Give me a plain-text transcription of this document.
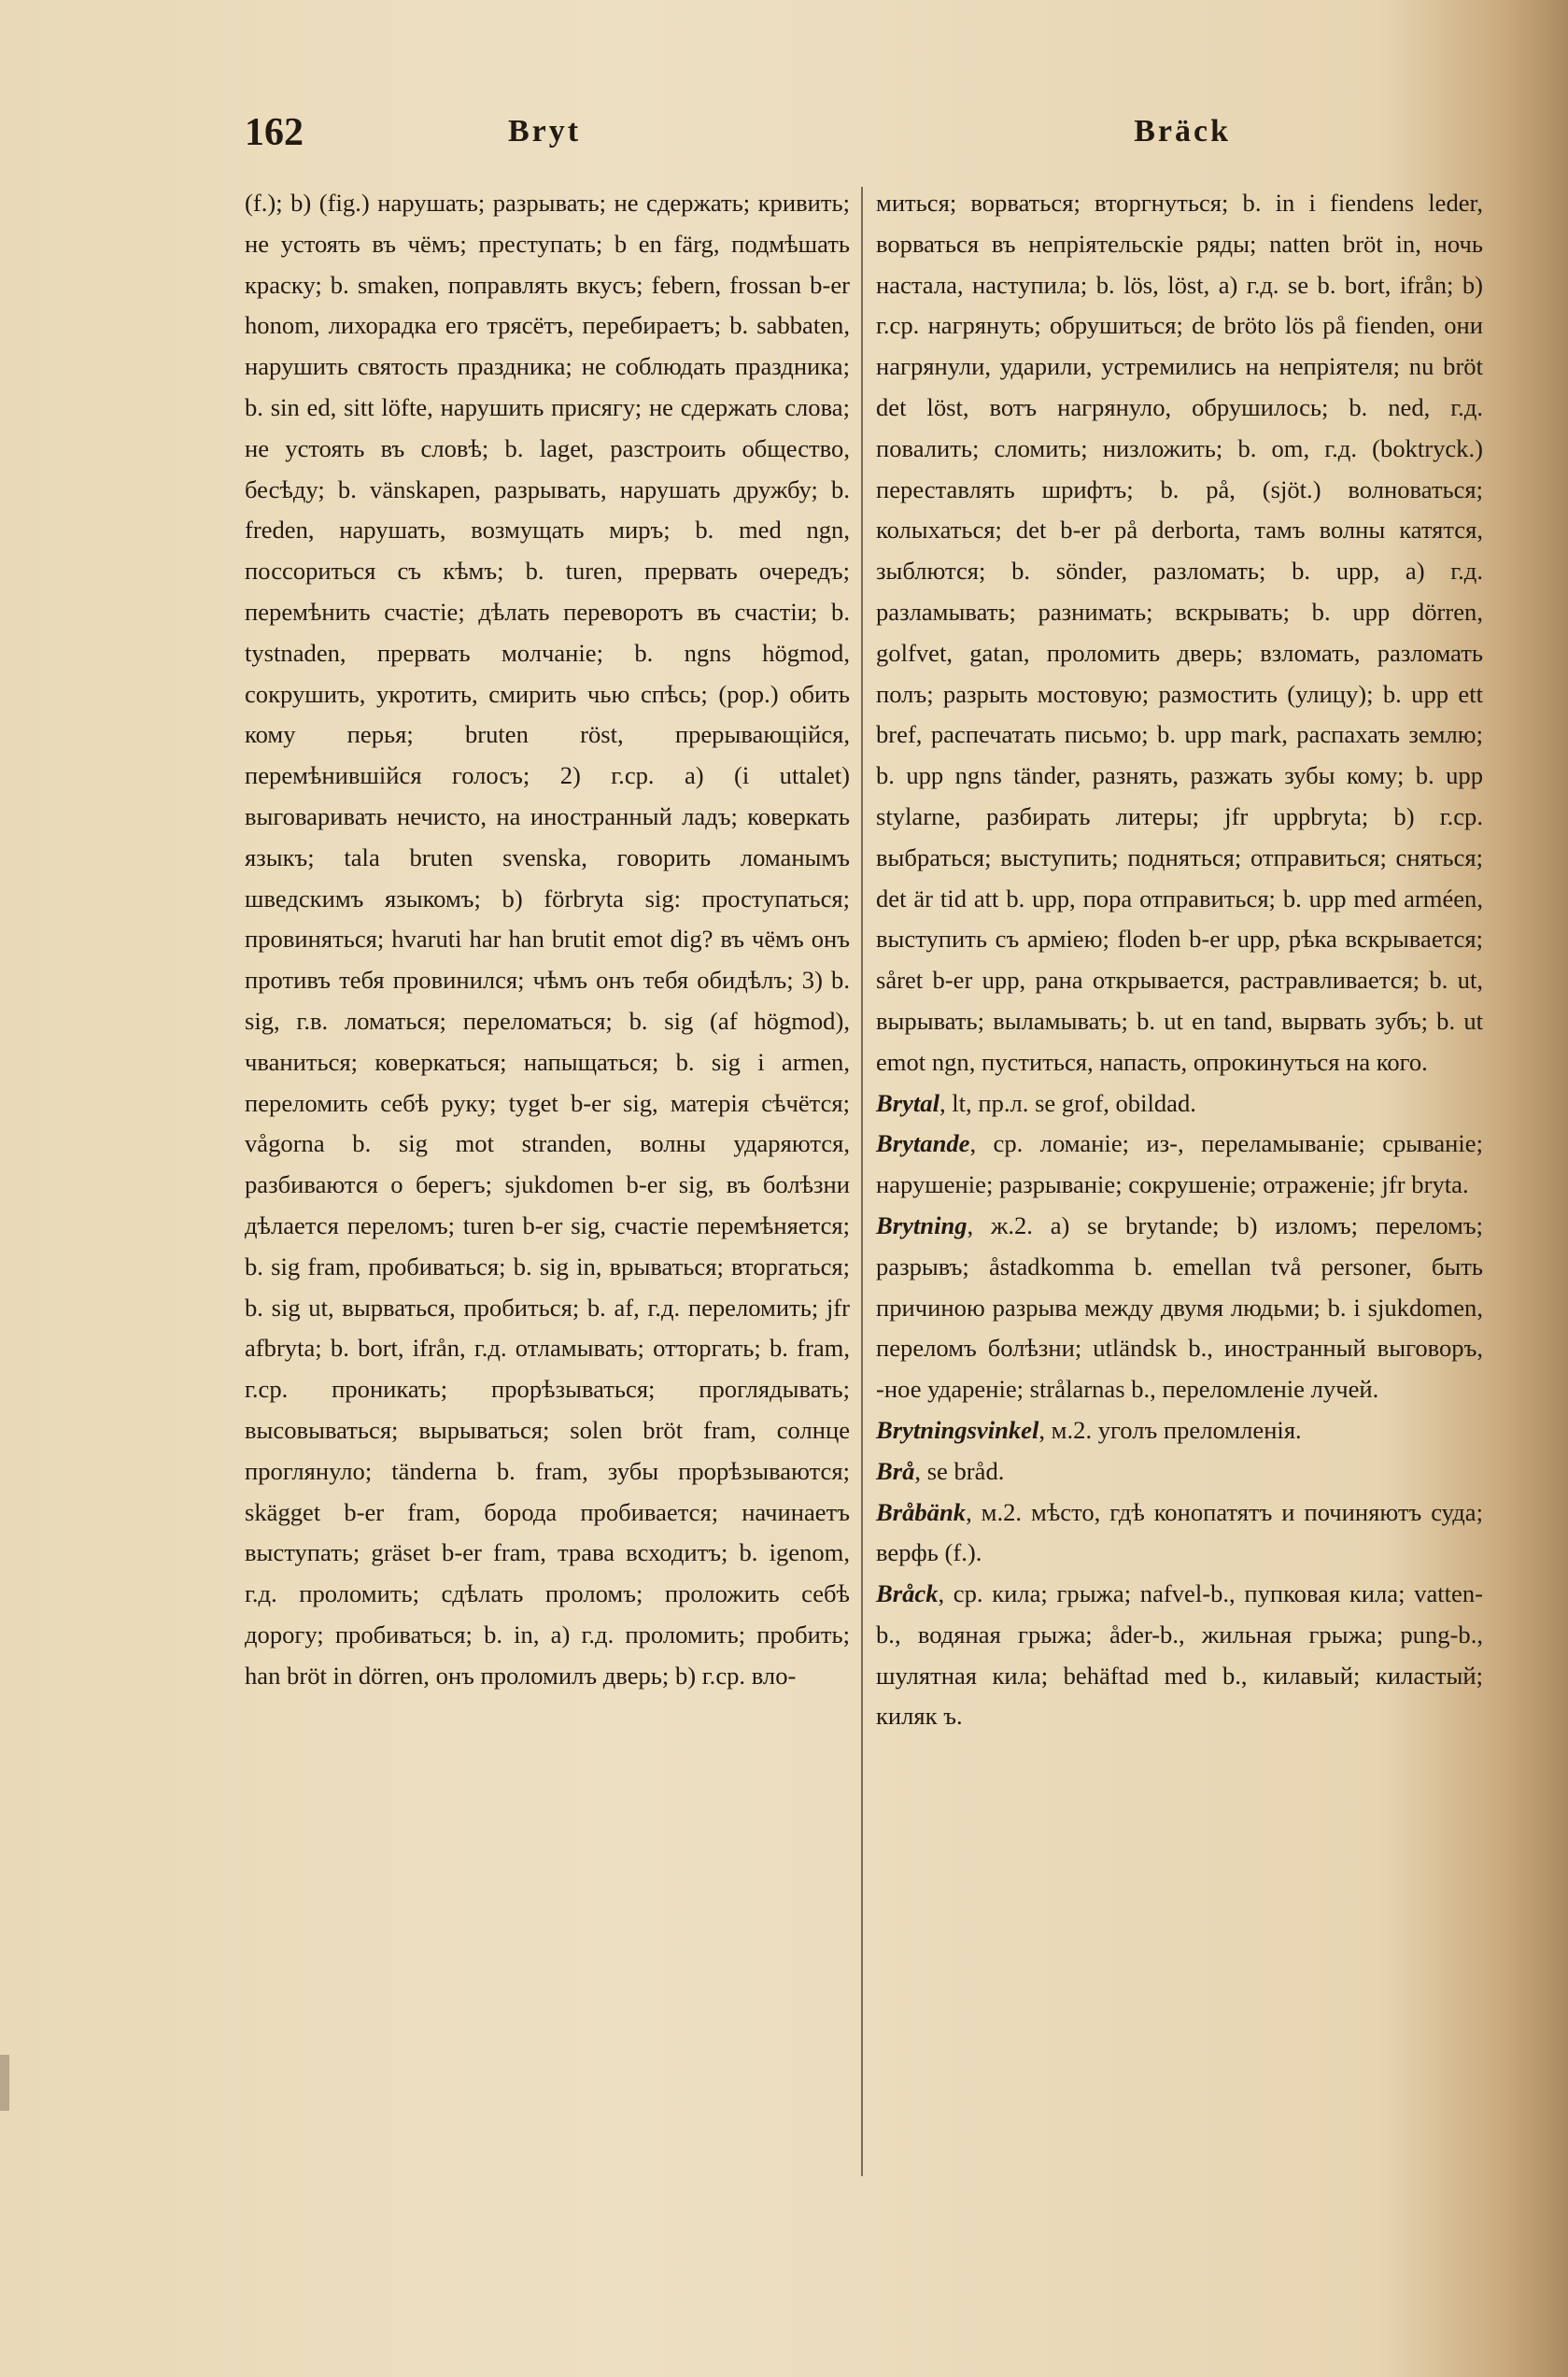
162	Bryt	Bräck

(f.); b) (fig.) нарушать; разрывать; не сдержать; кривить; не устоять въ чёмъ; преступать; b en färg, подмѣшать краску; b. smaken, поправлять вкусъ; febern, frossan b-er honom, лихорадка его трясётъ, перебираетъ; b. sabbaten, нарушить святость праздника; не соблюдать праздника; b. sin ed, sitt löfte, нарушить присягу; не сдержать слова; не устоять въ словѣ; b. laget, разстроить общество, бесѣду; b. vänskapen, разрывать, нарушать дружбу; b. freden, нарушать, возмущать миръ; b. med ngn, поссориться съ кѣмъ; b. turen, прервать очередъ; перемѣнить счастіе; дѣлать переворотъ въ счастіи; b. tystnaden, прервать молчаніе; b. ngns högmod, сокрушить, укротить, смирить чью спѣсь; (pop.) обить кому перья; bruten röst, прерывающійся, перемѣнившійся голосъ; 2) г.ср. a) (i uttalet) выговаривать нечисто, на иностранный ладъ; коверкать языкъ; tala bruten svenska, говорить ломанымъ шведскимъ языкомъ; b) förbryta sig: проступаться; провиняться; hvaruti har han brutit emot dig? въ чёмъ онъ противъ тебя провинился; чѣмъ онъ тебя обидѣлъ; 3) b. sig, г.в. ломаться; переломаться; b. sig (af högmod), чваниться; коверкаться; напыщаться; b. sig i armen, переломить себѣ руку; tyget b-er sig, матерія сѣчётся; vågorna b. sig mot stranden, волны ударяются, разбиваются о берегъ; sjukdomen b-er sig, въ болѣзни дѣлается переломъ; turen b-er sig, счастіе перемѣняется; b. sig fram, пробиваться; b. sig in, врываться; вторгаться; b. sig ut, вырваться, пробиться; b. af, г.д. переломить; jfr afbryta; b. bort, ifrån, г.д. отламывать; отторгать; b. fram, г.ср. проникать; прорѣзываться; проглядывать; высовываться; вырываться; solen bröt fram, солнце проглянуло; tänderna b. fram, зубы прорѣзываются; skägget b-er fram, борода пробивается; начинаетъ выступать; gräset b-er fram, трава всходитъ; b. igenom, г.д. проломить; сдѣлать проломъ; проложить себѣ дорогу; пробиваться; b. in, a) г.д. проломить; пробить; han bröt in dörren, онъ проломилъ дверь; b) г.ср. вло-

миться; ворваться; вторгнуться; b. in i fiendens leder, ворваться въ непріятельскіе ряды; natten bröt in, ночь настала, наступила; b. lös, löst, a) г.д. se b. bort, ifrån; b) г.ср. нагрянуть; обрушиться; de bröto lös på fienden, они нагрянули, ударили, устремились на непріятеля; nu bröt det löst, вотъ нагрянуло, обрушилось; b. ned, г.д. повалить; сломить; низложить; b. om, г.д. (boktryck.) переставлять шрифтъ; b. på, (sjöt.) волноваться; колыхаться; det b-er på derborta, тамъ волны катятся, зыблются; b. sönder, разломать; b. upp, a) г.д. разламывать; разнимать; вскрывать; b. upp dörren, golfvet, gatan, проломить дверь; взломать, разломать полъ; разрыть мостовую; размостить (улицу); b. upp ett bref, распечатать письмо; b. upp mark, распахать землю; b. upp ngns tänder, разнять, разжать зубы кому; b. upp stylarne, разбирать литеры; jfr uppbryta; b) г.ср. выбраться; выступить; подняться; отправиться; сняться; det är tid att b. upp, пора отправиться; b. upp med arméen, выступить съ арміею; floden b-er upp, рѣка вскрывается; såret b-er upp, рана открывается, растравливается; b. ut, вырывать; выламывать; b. ut en tand, вырвать зубъ; b. ut emot ngn, пуститься, напасть, опрокинуться на кого.

Brytal, lt, пр.л. se grof, obildad.

Brytande, ср. ломаніе; из-, переламываніе; срываніе; нарушеніе; разрываніе; сокрушеніе; отраженіе; jfr bryta.

Brytning, ж.2. a) se brytande; b) изломъ; переломъ; разрывъ; åstadkomma b. emellan två personer, быть причиною разрыва между двумя людьми; b. i sjukdomen, переломъ болѣзни; utländsk b., иностранный выговоръ, -ное удареніе; strålarnas b., переломленіе лучей.

Brytningsvinkel, м.2. уголъ преломленія.

Brå, se bråd.

Bråbänk, м.2. мѣсто, гдѣ конопатятъ и починяютъ суда; верфь (f.).

Bråck, ср. кила; грыжа; nafvel-b., пупковая кила; vatten-b., водяная грыжа; åder-b., жильная грыжа; pung-b., шулятная кила; behäftad med b., килавый; киластый; киляк ъ.
